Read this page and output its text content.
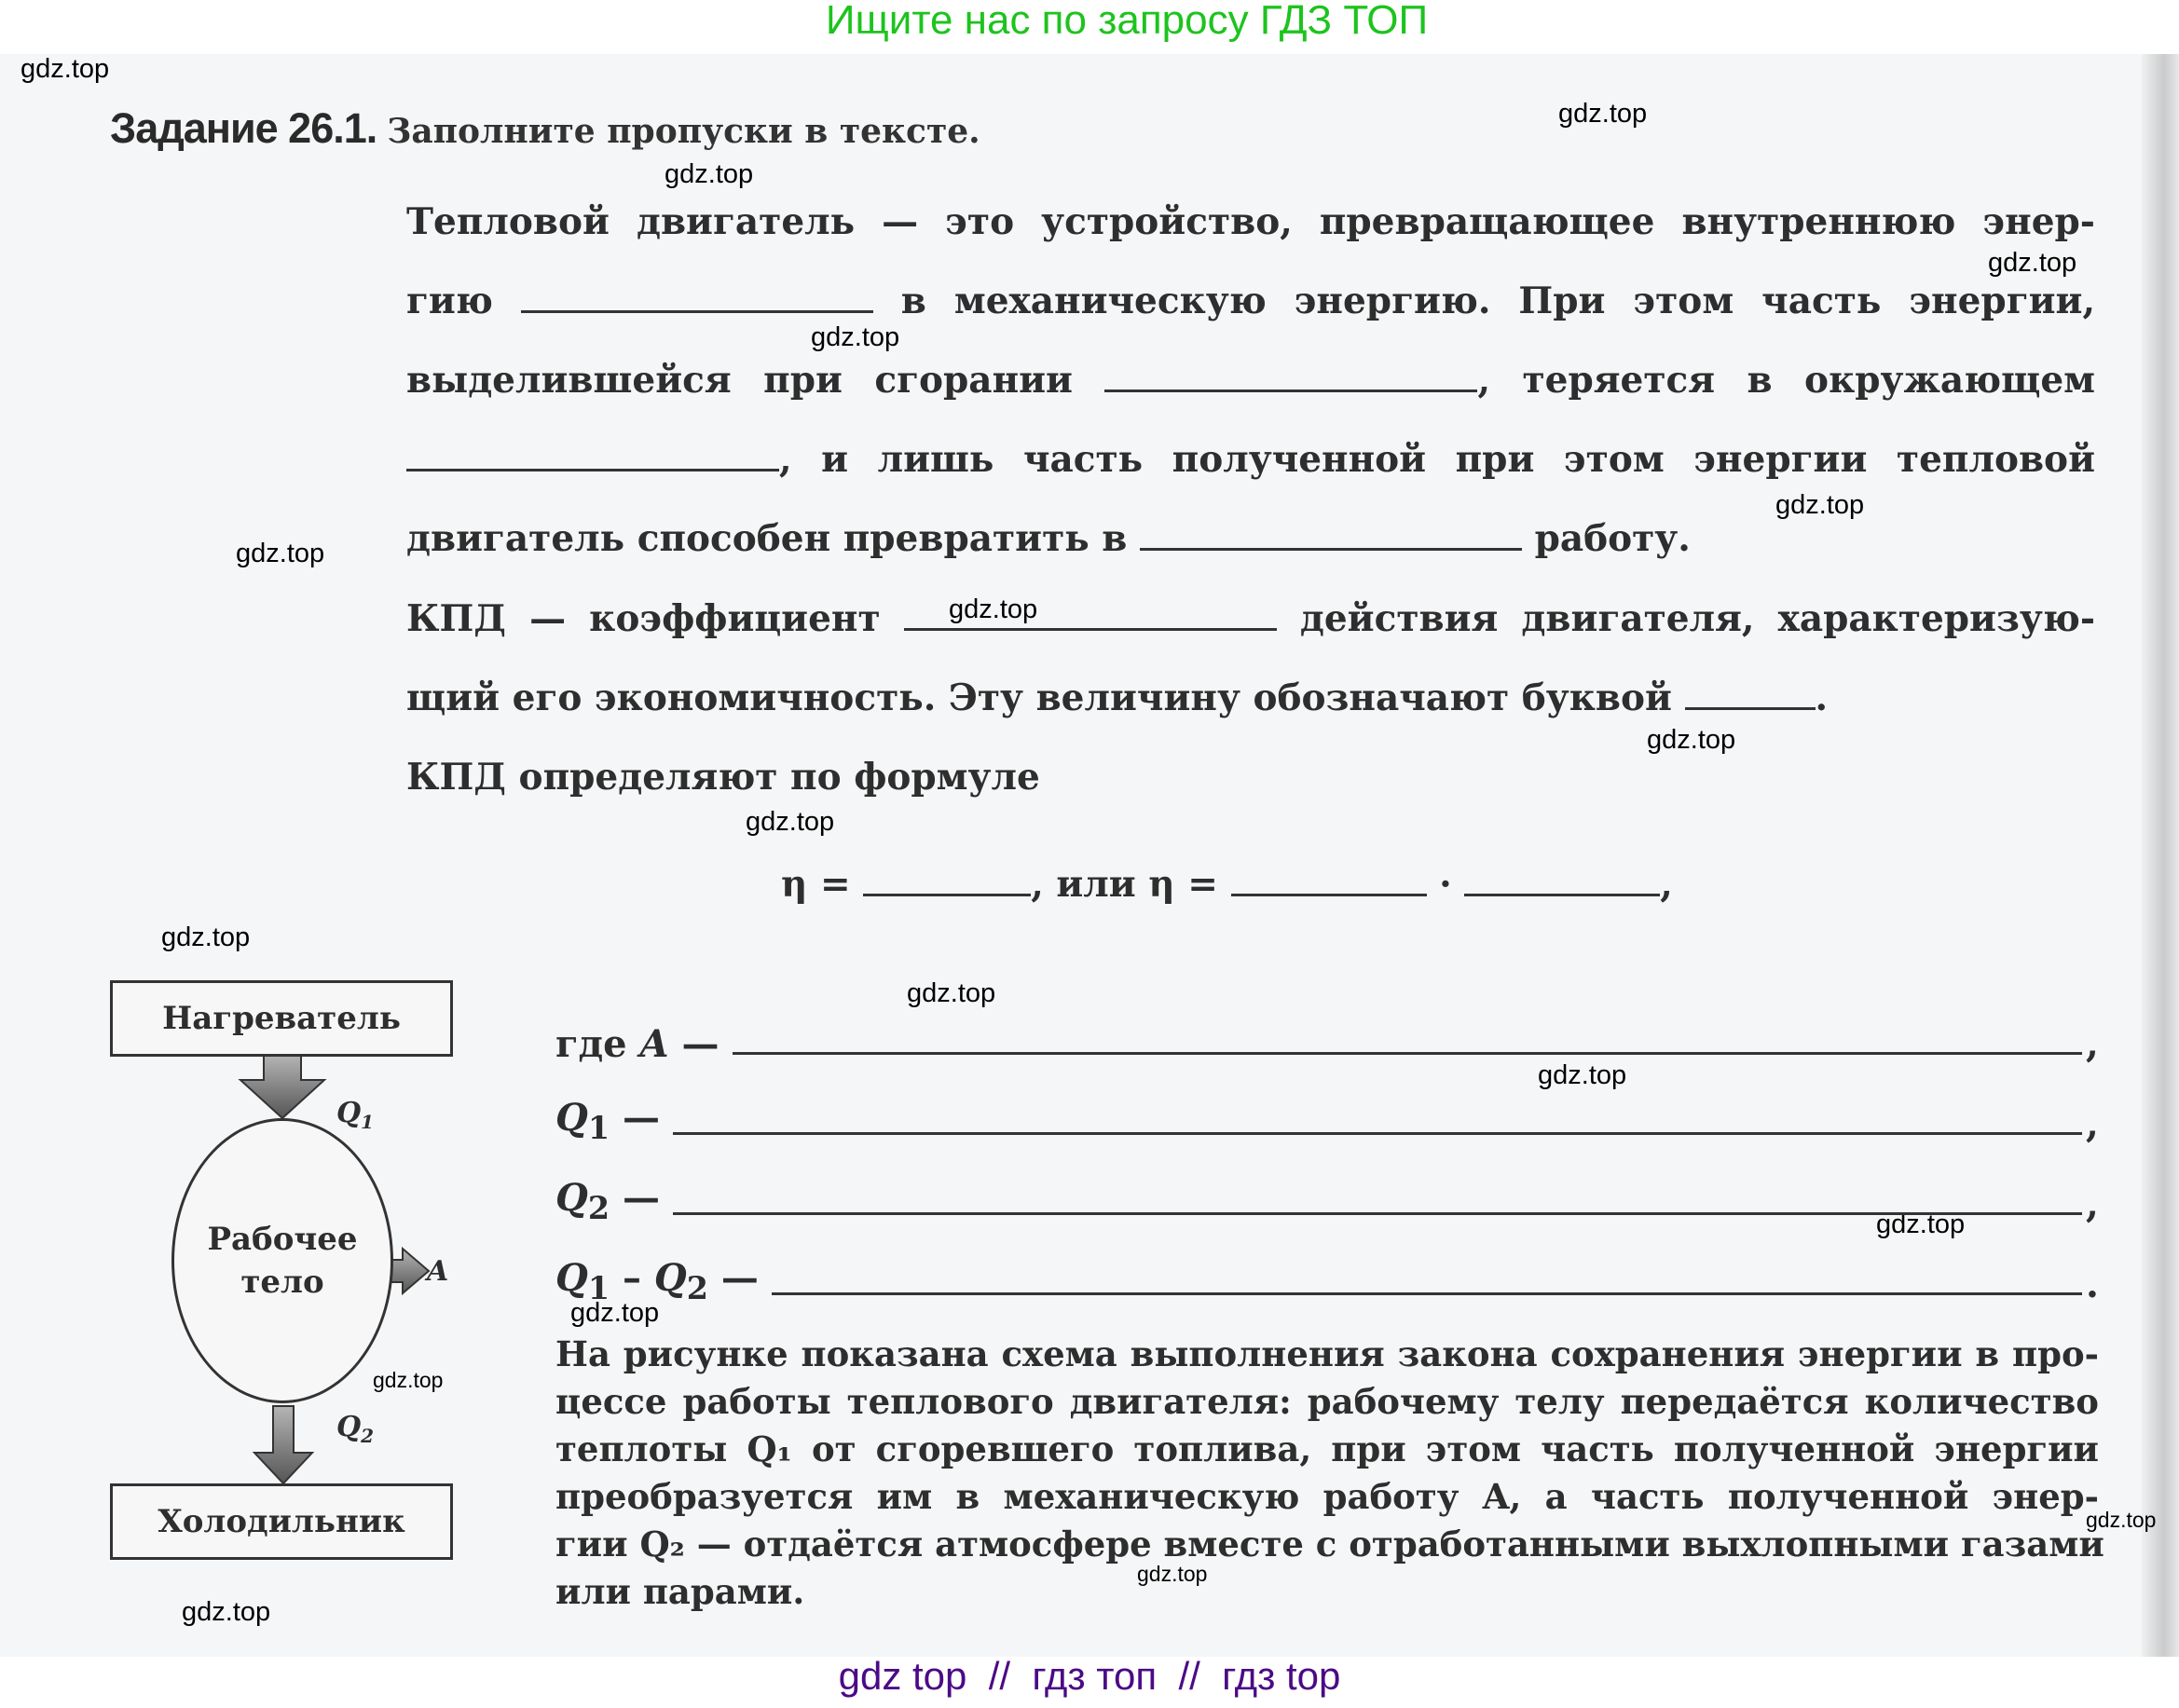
Ищите нас по запросу ГДЗ ТОП
gdz.top
gdz.top
gdz.top
gdz.top
gdz.top
gdz.top
gdz.top
gdz.top
gdz.top
gdz.top
gdz.top
gdz.top
gdz.top
gdz.top
gdz.top
gdz.top
gdz.top
gdz.top
gdz.top
Задание 26.1. Заполните пропуски в тексте.
Тепловой двигатель — это устройство, превращающее внутреннюю энер-
гию	в механическую энергию. При этом часть энергии,
выделившейся при сгорании	, теряется в окружающем
, и лишь часть полученной при этом энергии тепловой
двигатель способен превратить в	работу.
КПД — коэффициент	действия двигателя, характеризую-
щий его экономичность. Эту величину обозначают буквой	.
КПД определяют по формуле
η =	, или η =	·	,
где A —	,
$Q_1$ —	,
$Q_2$ —	,
$Q_1 - Q_2$ —	.
На рисунке показана схема выполнения закона сохранения энергии в про-
цессе работы теплового двигателя: рабочему телу передаётся количество
теплоты Q₁ от сгоревшего топлива, при этом часть полученной энергии
преобразуется им в механическую работу A, а часть полученной энер-
гии Q₂ — отдаётся атмосфере вместе с отработанными выхлопными газами
или парами.
Нагреватель
$Q_1$
Рабочее
тело	A
$Q_2$
Холодильник
gdz top  //  гдз топ  //  гдз top
